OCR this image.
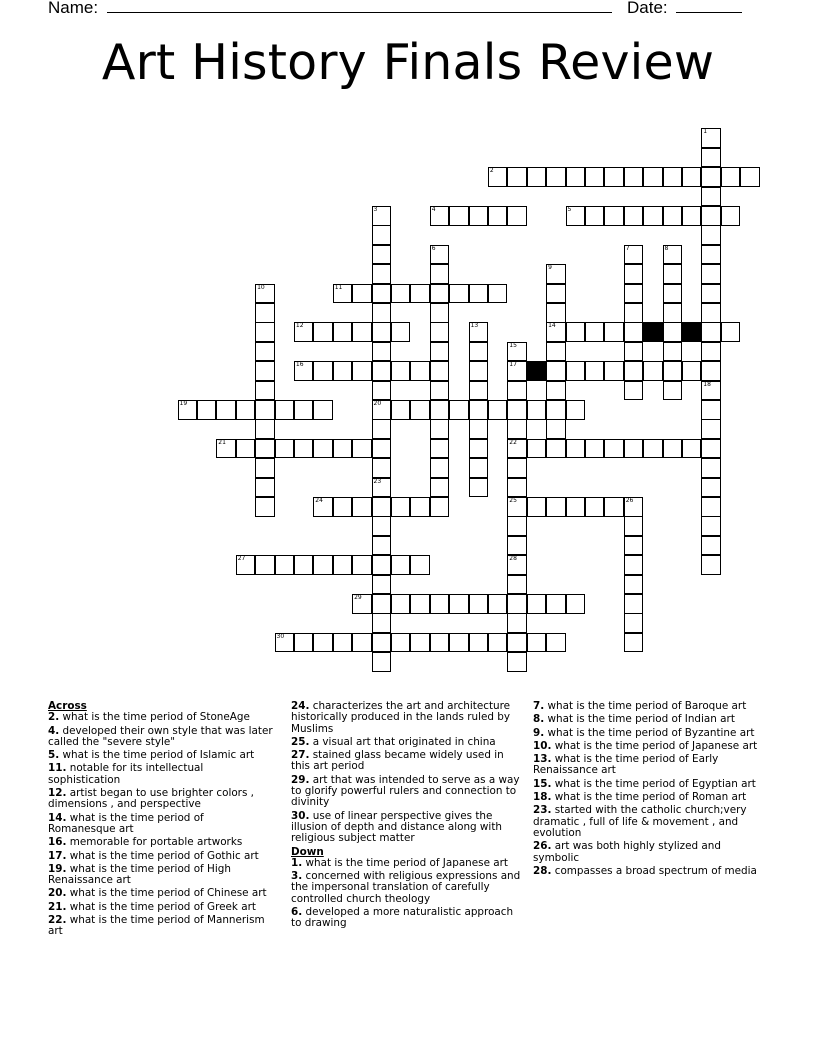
Name:	Date:
Art History Finals Review
1
18
2
3
20
23
4	5
6	7	8
9
14
10	11
12	13
15
17
22
25
28
16
19
21
24	26
27
29
30
Across
2. what is the time period of StoneAge
4. developed their own style that was later called the "severe style"
5. what is the time period of Islamic art
11. notable for its intellectual sophistication
12. artist began to use brighter colors , dimensions , and perspective
14. what is the time period of Romanesque art
16. memorable for portable artworks
17. what is the time period of Gothic art
19. what is the time period of High Renaissance art
20. what is the time period of Chinese art
21. what is the time period of Greek art
22. what is the time period of Mannerism art
24. characterizes the art and architecture historically produced in the lands ruled by Muslims
25. a visual art that originated in china
27. stained glass became widely used in this art period
29. art that was intended to serve as a way to glorify powerful rulers and connection to divinity
30. use of linear perspective gives the illusion of depth and distance along with religious subject matter
Down
1. what is the time period of Japanese art
3. concerned with religious expressions and the impersonal translation of carefully controlled church theology
6. developed a more naturalistic approach to drawing
7. what is the time period of Baroque art
8. what is the time period of Indian art
9. what is the time period of Byzantine art
10. what is the time period of Japanese art
13. what is the time period of Early Renaissance art
15. what is the time period of Egyptian art
18. what is the time period of Roman art
23. started with the catholic church;very dramatic , full of life & movement , and evolution
26. art was both highly stylized and symbolic
28. compasses a broad spectrum of media
